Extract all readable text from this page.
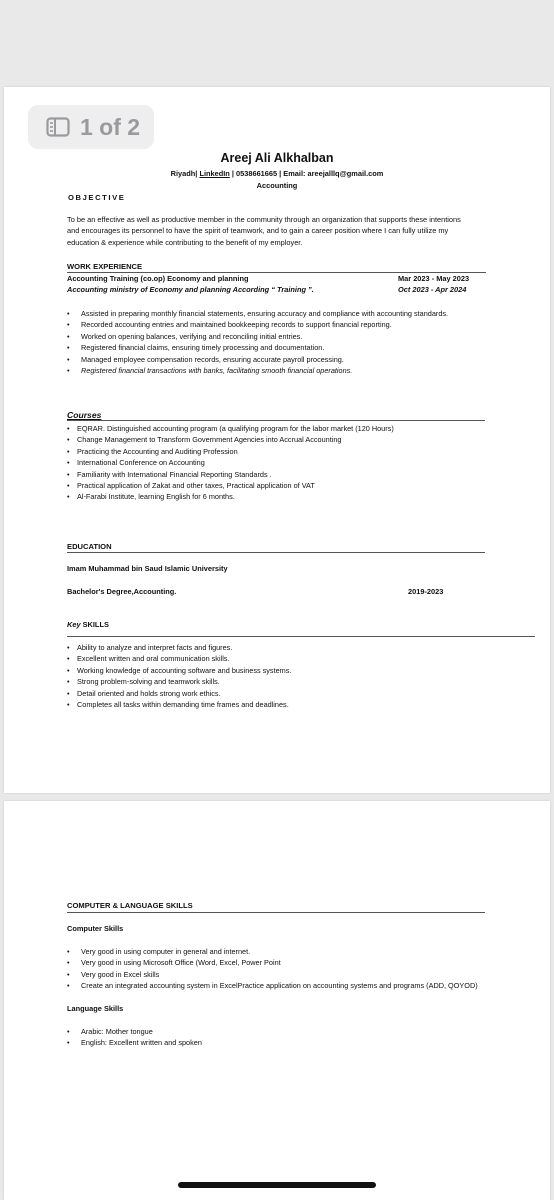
Areej Ali Alkhalban
Riyadh| LinkedIn | 0538661665 | Email: areejalllq@gmail.com
Accounting
OBJECTIVE
To be an effective as well as productive member in the community through an organization that supports these intentions and encourages its personnel to have the spirit of teamwork, and to gain a career position where I can fully utilize my education & experience while contributing to the benefit of my employer.
WORK EXPERIENCE
Accounting Training (co.op) Economy and planning	Mar 2023 - May 2023
Accounting ministry of Economy and planning According “ Training ”.	Oct 2023 - Apr 2024
• Assisted in preparing monthly financial statements, ensuring accuracy and compliance with accounting standards.
• Recorded accounting entries and maintained bookkeeping records to support financial reporting.
• Worked on opening balances, verifying and reconciling initial entries.
• Registered financial claims, ensuring timely processing and documentation.
• Managed employee compensation records, ensuring accurate payroll processing.
• Registered financial transactions with banks, facilitating smooth financial operations.
Courses
• EQRAR. Distinguished accounting program (a qualifying program for the labor market (120 Hours)
• Change Management to Transform Government Agencies into Accrual Accounting
• Practicing the Accounting and Auditing Profession
• International Conference on Accounting
• Familiarity with International Financial Reporting Standards .
• Practical application of Zakat and other taxes, Practical application of VAT
• Al-Farabi Institute, learning English for 6 months.
EDUCATION
Imam Muhammad bin Saud Islamic University
Bachelor's Degree,Accounting.	2019-2023
Key SKILLS
• Ability to analyze and interpret facts and figures.
• Excellent written and oral communication skills.
• Working knowledge of accounting software and business systems.
• Strong problem-solving and teamwork skills.
• Detail oriented and holds strong work ethics.
• Completes all tasks within demanding time frames and deadlines.
1 of 2
COMPUTER & LANGUAGE SKILLS
Computer Skills
• Very good in using computer in general and internet.
• Very good in using Microsoft Office (Word, Excel, Power Point
• Very good in Excel skills
• Create an integrated accounting system in ExcelPractice application on accounting systems and programs (ADD, QOYOD)
Language Skills
• Arabic: Mother tongue
• English: Excellent written and spoken
